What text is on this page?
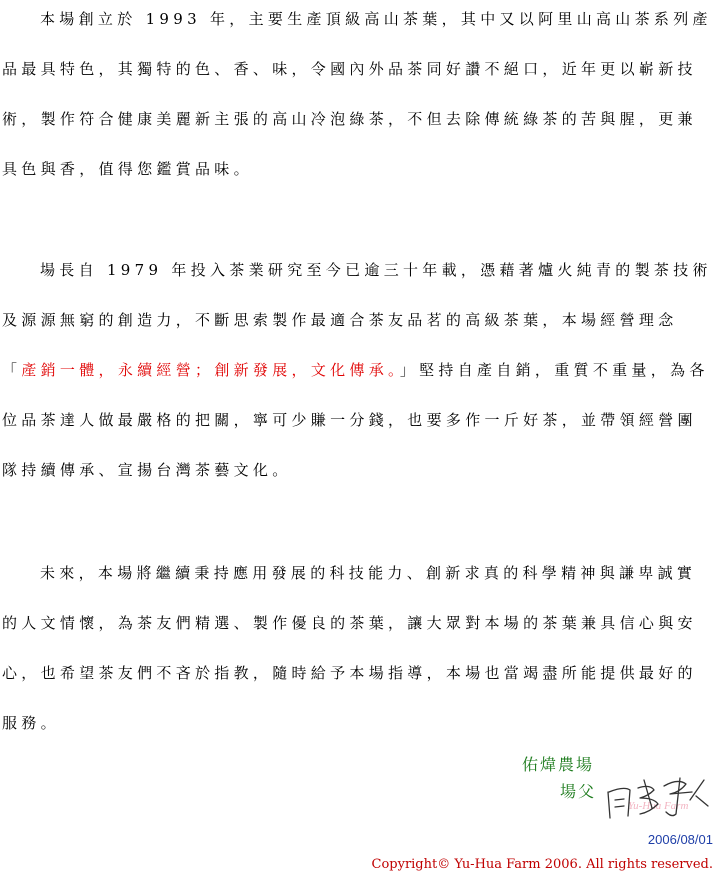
本場創立於 1993 年，主要生產頂級高山茶葉，其中又以阿里山高山茶系列產品最具特色，其獨特的色、香、味，令國內外品茶同好讚不絕口，近年更以嶄新技術，製作符合健康美麗新主張的高山冷泡綠茶，不但去除傳統綠茶的苦與腥，更兼具色與香，值得您鑑賞品味。

場長自 1979 年投入茶業研究至今已逾三十年載，憑藉著爐火純青的製茶技術及源源無窮的創造力，不斷思索製作最適合茶友品茗的高級茶葉，本場經營理念「產銷一體，永續經營；創新發展，文化傳承。」堅持自產自銷，重質不重量，為各位品茶達人做最嚴格的把關，寧可少賺一分錢，也要多作一斤好茶，並帶領經營團隊持續傳承、宣揚台灣茶藝文化。

未來，本場將繼續秉持應用發展的科技能力、創新求真的科學精神與謙卑誠實的人文情懷，為茶友們精選、製作優良的茶葉，讓大眾對本場的茶葉兼具信心與安心，也希望茶友們不吝於指教，隨時給予本場指導，本場也當竭盡所能提供最好的服務。

佑煒農場
場父
Yu-Hua Farm
2006/08/01
Copyright© Yu-Hua Farm 2006. All rights reserved.
